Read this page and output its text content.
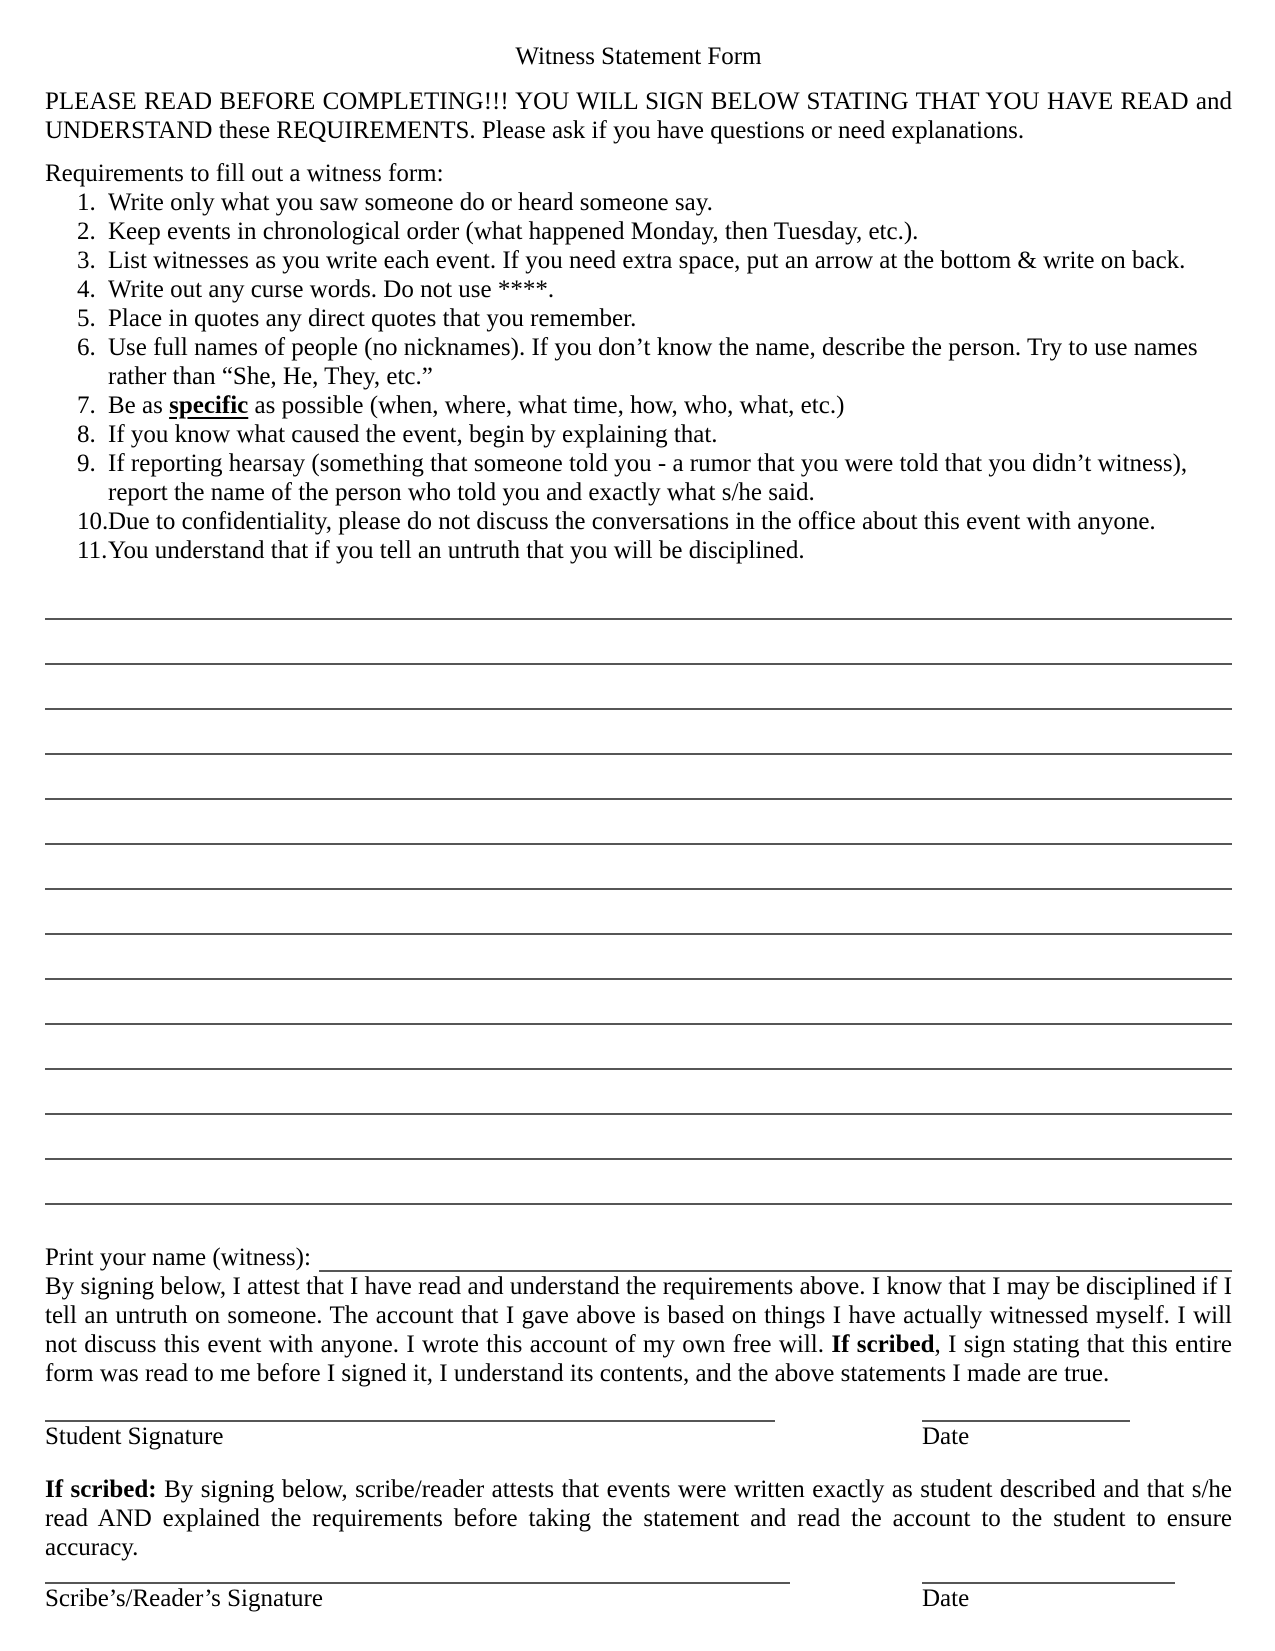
Witness Statement Form

PLEASE READ BEFORE COMPLETING!!! YOU WILL SIGN BELOW STATING THAT YOU HAVE READ and UNDERSTAND these REQUIREMENTS. Please ask if you have questions or need explanations.

Requirements to fill out a witness form:

Write only what you saw someone do or heard someone say.
Keep events in chronological order (what happened Monday, then Tuesday, etc.).
List witnesses as you write each event. If you need extra space, put an arrow at the bottom & write on back.
Write out any curse words. Do not use ****.
Place in quotes any direct quotes that you remember.
Use full names of people (no nicknames). If you don’t know the name, describe the person. Try to use names rather than “She, He, They, etc.”
Be as specific as possible (when, where, what time, how, who, what, etc.)
If you know what caused the event, begin by explaining that.
If reporting hearsay (something that someone told you - a rumor that you were told that you didn’t witness), report the name of the person who told you and exactly what s/he said.
Due to confidentiality, please do not discuss the conversations in the office about this event with anyone.
You understand that if you tell an untruth that you will be disciplined.
Print your name (witness):

By signing below, I attest that I have read and understand the requirements above. I know that I may be disciplined if I tell an untruth on someone. The account that I gave above is based on things I have actually witnessed myself. I will not discuss this event with anyone. I wrote this account of my own free will. If scribed, I sign stating that this entire form was read to me before I signed it, I understand its contents, and the above statements I made are true.

Student Signature	Date

If scribed: By signing below, scribe/reader attests that events were written exactly as student described and that s/he read AND explained the requirements before taking the statement and read the account to the student to ensure accuracy.

Scribe’s/Reader’s Signature	Date
